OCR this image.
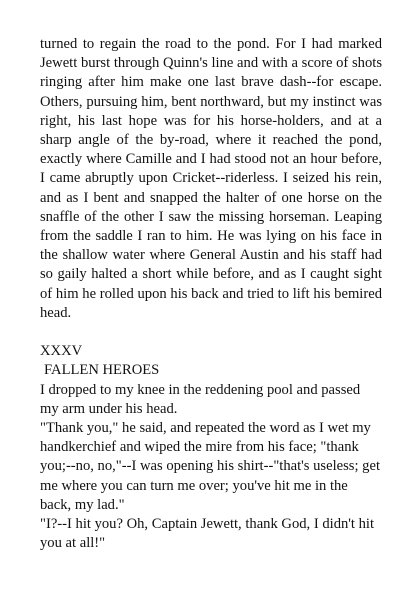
turned to regain the road to the pond. For I had marked Jewett burst through Quinn's line and with a score of shots ringing after him make one last brave dash--for escape. Others, pursuing him, bent northward, but my instinct was right, his last hope was for his horse-holders, and at a sharp angle of the by-road, where it reached the pond, exactly where Camille and I had stood not an hour before, I came abruptly upon Cricket--riderless. I seized his rein, and as I bent and snapped the halter of one horse on the snaffle of the other I saw the missing horseman. Leaping from the saddle I ran to him. He was lying on his face in the shallow water where General Austin and his staff had so gaily halted a short while before, and as I caught sight of him he rolled upon his back and tried to lift his bemired head.

XXXV

FALLEN HEROES

I dropped to my knee in the reddening pool and passed my arm under his head.

"Thank you," he said, and repeated the word as I wet my handkerchief and wiped the mire from his face; "thank you;--no, no,"--I was opening his shirt--"that's useless; get me where you can turn me over; you've hit me in the back, my lad."

"I?--I hit you? Oh, Captain Jewett, thank God, I didn't hit you at all!"
